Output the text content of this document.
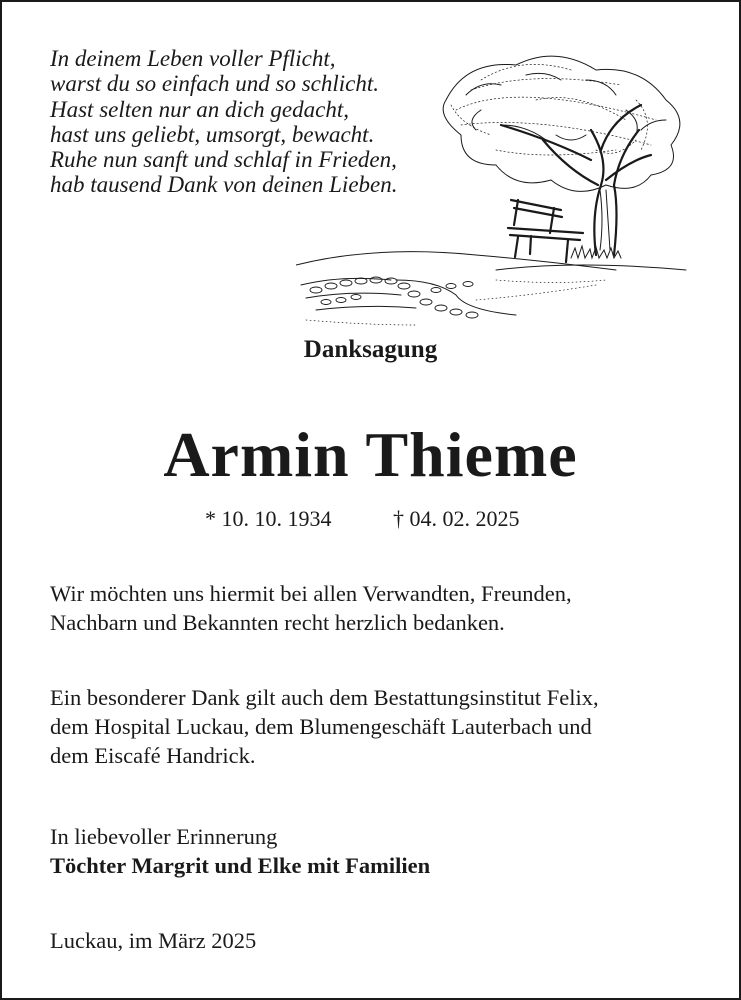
In deinem Leben voller Pflicht,
warst du so einfach und so schlicht.
Hast selten nur an dich gedacht,
hast uns geliebt, umsorgt, bewacht.
Ruhe nun sanft und schlaf in Frieden,
hab tausend Dank von deinen Lieben.
Danksagung
Armin Thieme
* 10. 10. 1934	† 04. 02. 2025
Wir möchten uns hiermit bei allen Verwandten, Freunden,
Nachbarn und Bekannten recht herzlich bedanken.
Ein besonderer Dank gilt auch dem Bestattungsinstitut Felix,
dem Hospital Luckau, dem Blumengeschäft Lauterbach und
dem Eiscafé Handrick.
In liebevoller Erinnerung
Töchter Margrit und Elke mit Familien
Luckau, im März 2025
